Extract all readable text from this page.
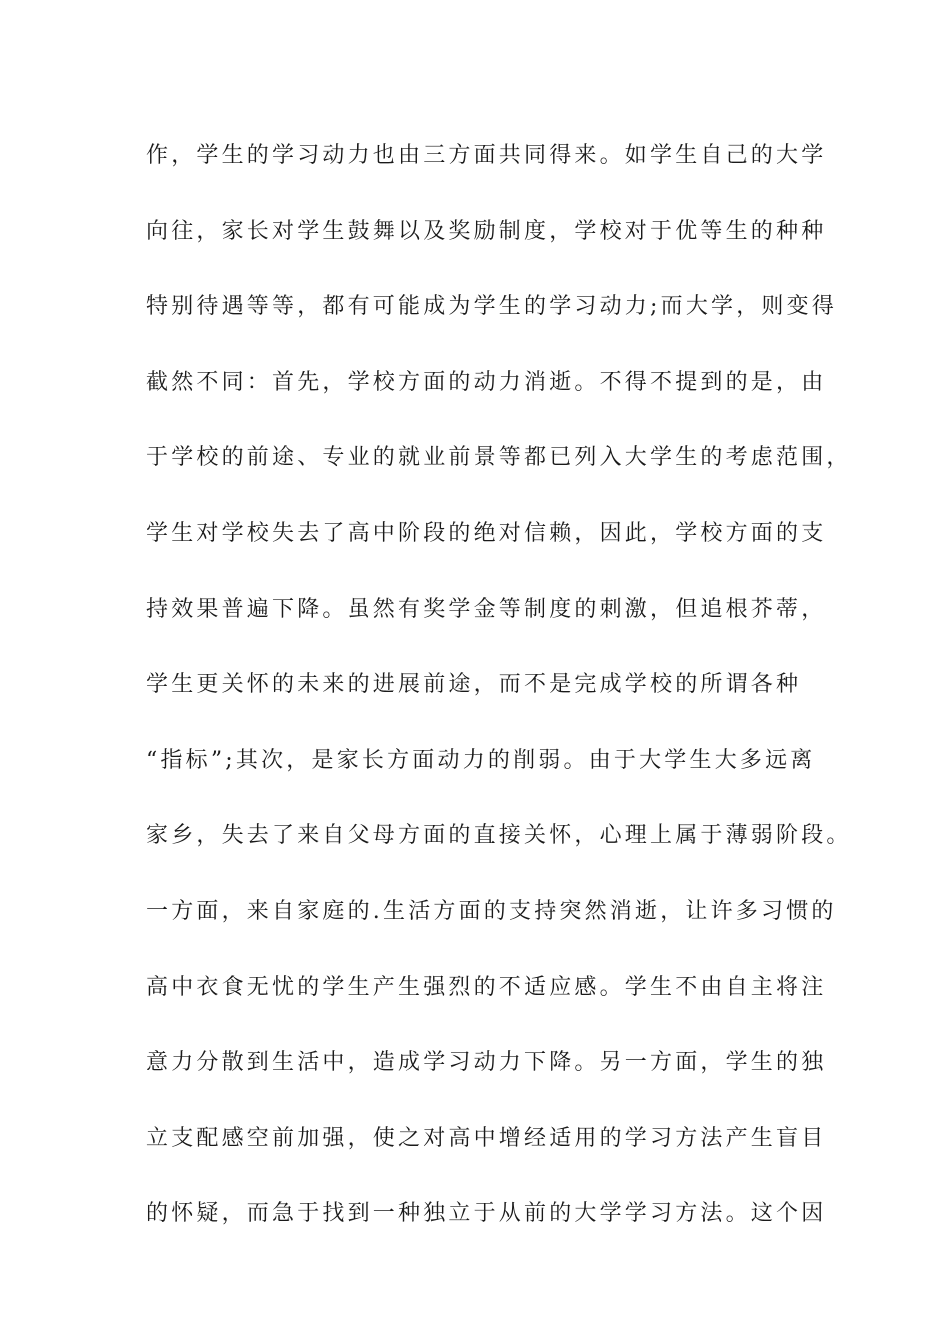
作，学生的学习动力也由三方面共同得来。如学生自己的大学
向往，家长对学生鼓舞以及奖励制度，学校对于优等生的种种
特别待遇等等，都有可能成为学生的学习动力;而大学，则变得
截然不同：首先，学校方面的动力消逝。不得不提到的是，由
于学校的前途、专业的就业前景等都已列入大学生的考虑范围，
学生对学校失去了高中阶段的绝对信赖，因此，学校方面的支
持效果普遍下降。虽然有奖学金等制度的刺激，但追根芥蒂，
学生更关怀的未来的进展前途，而不是完成学校的所谓各种
“指标”;其次，是家长方面动力的削弱。由于大学生大多远离
家乡，失去了来自父母方面的直接关怀，心理上属于薄弱阶段。
一方面，来自家庭的.生活方面的支持突然消逝，让许多习惯的
高中衣食无忧的学生产生强烈的不适应感。学生不由自主将注
意力分散到生活中，造成学习动力下降。另一方面，学生的独
立支配感空前加强，使之对高中增经适用的学习方法产生盲目
的怀疑，而急于找到一种独立于从前的大学学习方法。这个因
